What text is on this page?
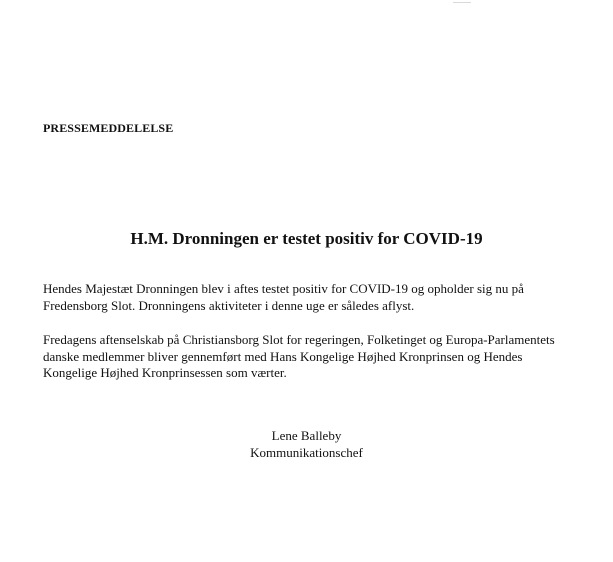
PRESSEMEDDELELSE
H.M. Dronningen er testet positiv for COVID-19
Hendes Majestæt Dronningen blev i aftes testet positiv for COVID-19 og opholder sig nu på Fredensborg Slot. Dronningens aktiviteter i denne uge er således aflyst.
Fredagens aftenselskab på Christiansborg Slot for regeringen, Folketinget og Europa-Parlamentets danske medlemmer bliver gennemført med Hans Kongelige Højhed Kronprinsen og Hendes Kongelige Højhed Kronprinsessen som værter.
Lene Balleby
Kommunikationschef
